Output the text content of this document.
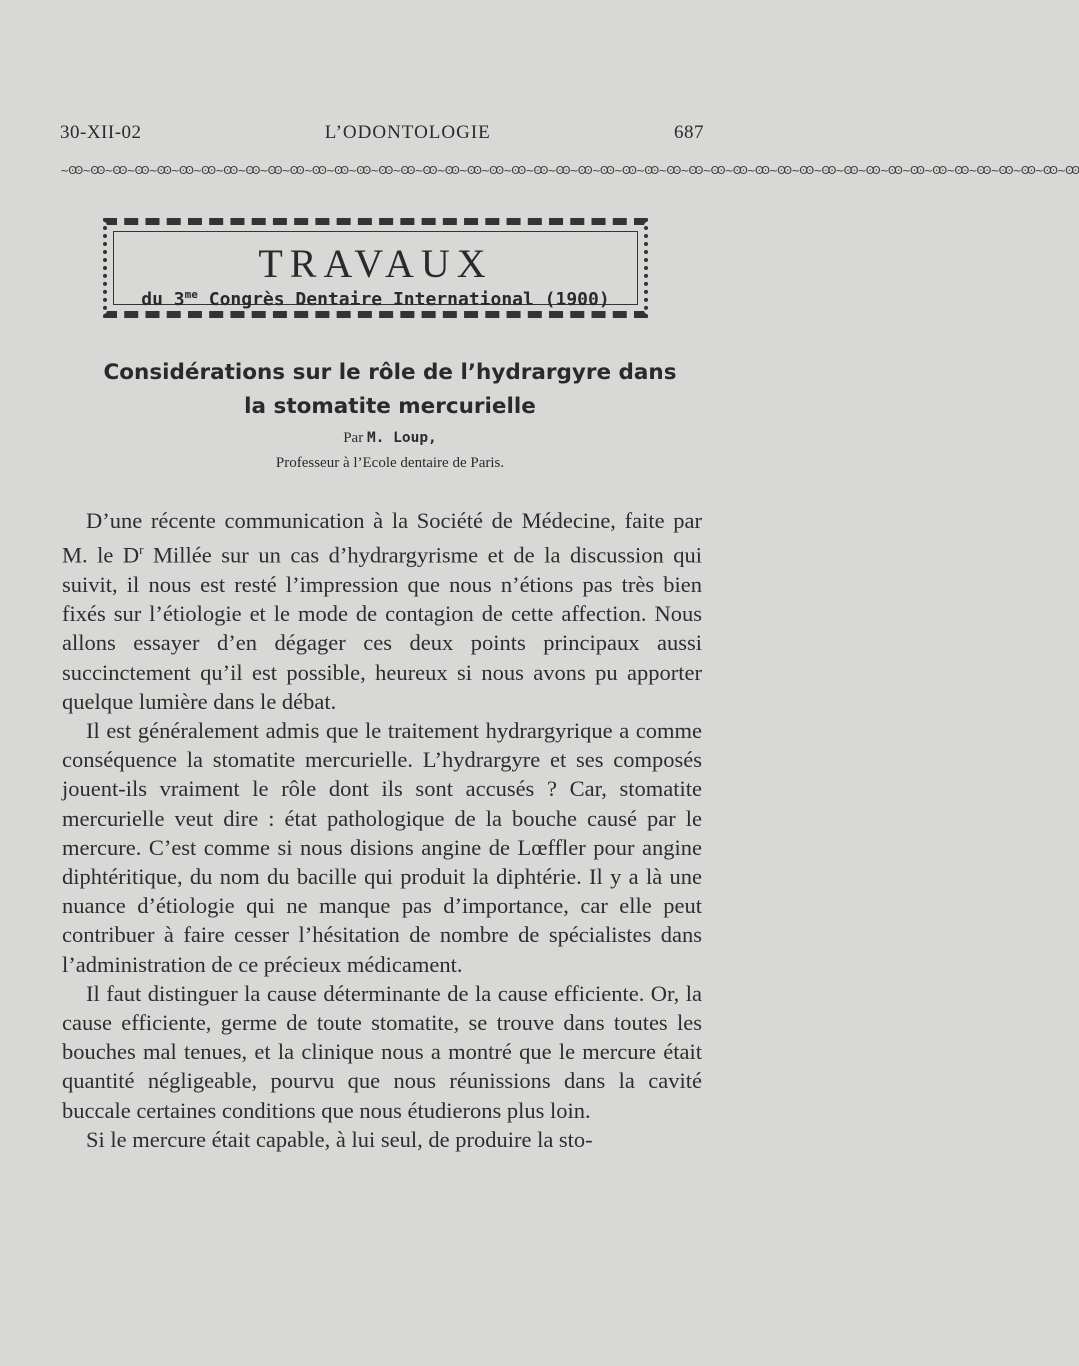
30-XII-02	L’ODONTOLOGIE	687
~Ꙭ~Ꙭ~Ꙭ~Ꙭ~Ꙭ~Ꙭ~Ꙭ~Ꙭ~Ꙭ~Ꙭ~Ꙭ~Ꙭ~Ꙭ~Ꙭ~Ꙭ~Ꙭ~Ꙭ~Ꙭ~Ꙭ~Ꙭ~Ꙭ~Ꙭ~Ꙭ~Ꙭ~Ꙭ~Ꙭ~Ꙭ~Ꙭ~Ꙭ~Ꙭ~Ꙭ~Ꙭ~Ꙭ~Ꙭ~Ꙭ~Ꙭ~Ꙭ~Ꙭ~Ꙭ~Ꙭ~Ꙭ~Ꙭ~Ꙭ~Ꙭ~Ꙭ~Ꙭ
TRAVAUX
du $3^{me}$ Congrès Dentaire International (1900)
Considérations sur le rôle de l’hydrargyre dans
la stomatite mercurielle
Par M. Loup,
Professeur à l’Ecole dentaire de Paris.

D’une récente communication à la Société de Médecine, faite par M. le $D^r$ Millée sur un cas d’hydrargyrisme et de la discussion qui suivit, il nous est resté l’impression que nous n’étions pas très bien fixés sur l’étiologie et le mode de contagion de cette affection. Nous allons essayer d’en dégager ces deux points principaux aussi succinctement qu’il est possible, heureux si nous avons pu apporter quelque lumière dans le débat.

Il est généralement admis que le traitement hydrargyrique a comme conséquence la stomatite mercurielle. L’hydrargyre et ses composés jouent-ils vraiment le rôle dont ils sont accusés ? Car, stomatite mercurielle veut dire : état pathologique de la bouche causé par le mercure. C’est comme si nous disions angine de Lœffler pour angine diphtéritique, du nom du bacille qui produit la diphtérie. Il y a là une nuance d’étiologie qui ne manque pas d’importance, car elle peut contribuer à faire cesser l’hésitation de nombre de spécialistes dans l’administration de ce précieux médicament.

Il faut distinguer la cause déterminante de la cause efficiente. Or, la cause efficiente, germe de toute stomatite, se trouve dans toutes les bouches mal tenues, et la clinique nous a montré que le mercure était quantité négligeable, pourvu que nous réunissions dans la cavité buccale certaines conditions que nous étudierons plus loin.

Si le mercure était capable, à lui seul, de produire la sto-
